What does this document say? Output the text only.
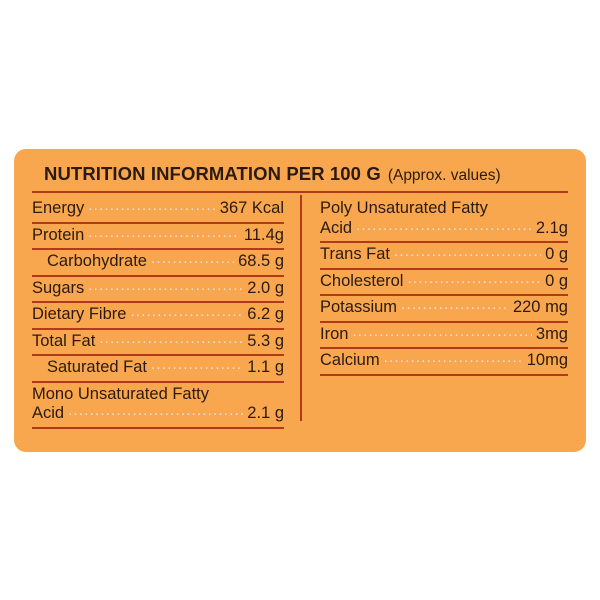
NUTRITION INFORMATION PER 100 G (Approx. values)
Energy .....	367 Kcal
Protein .....	11.4g
Carbohydrate .....	68.5 g
Sugars .....	2.0 g
Dietary Fibre .....	6.2 g
Total Fat .....	5.3 g
Saturated Fat .....	1.1 g
Mono Unsaturated Fatty
Acid .....	2.1 g
Poly Unsaturated Fatty
Acid .....	2.1g
Trans Fat .....	0 g
Cholesterol .....	0 g
Potassium .....	220 mg
Iron .....	3mg
Calcium .....	10mg
